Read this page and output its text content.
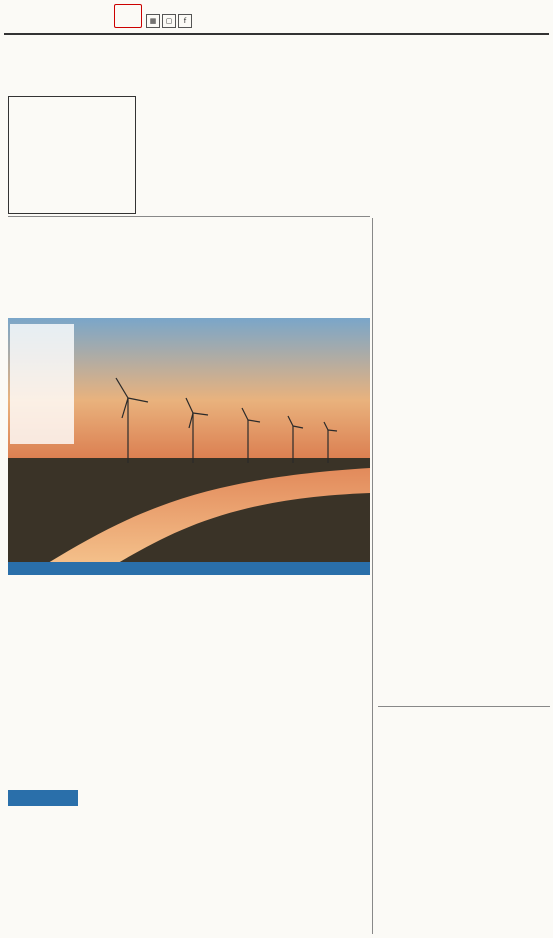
▦ ▢ f
